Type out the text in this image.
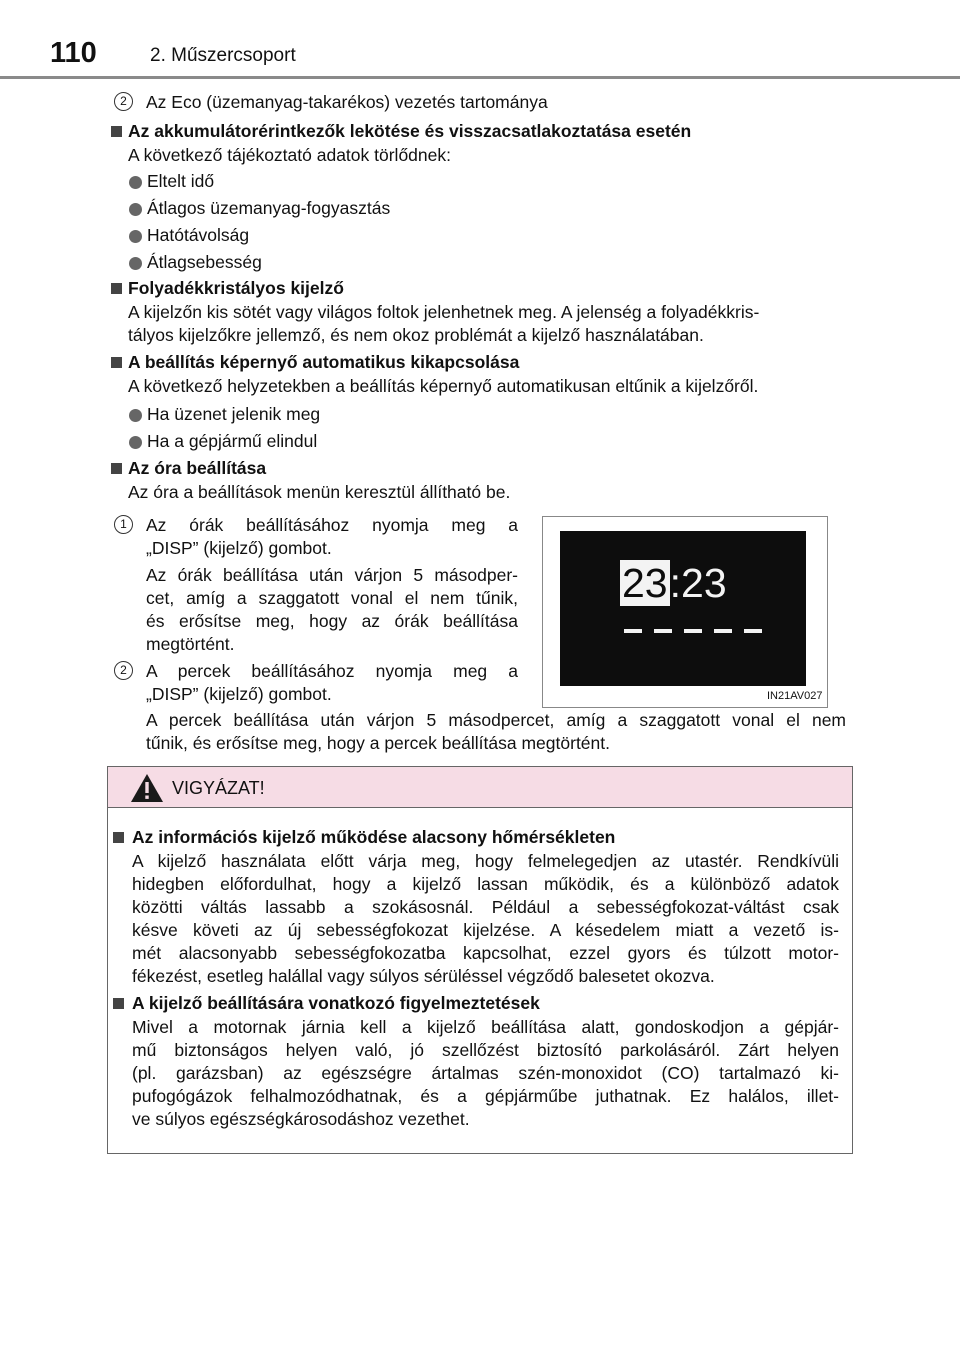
110	2. Műszercsoport
2	Az Eco (üzemanyag-takarékos) vezetés tartománya
Az akkumulátorérintkezők lekötése és visszacsatlakoztatása esetén
A következő tájékoztató adatok törlődnek:
Eltelt idő
Átlagos üzemanyag-fogyasztás
Hatótávolság
Átlagsebesség
Folyadékkristályos kijelző
A kijelzőn kis sötét vagy világos foltok jelenhetnek meg. A jelenség a folyadékkris-
tályos kijelzőkre jellemző, és nem okoz problémát a kijelző használatában.
A beállítás képernyő automatikus kikapcsolása
A következő helyzetekben a beállítás képernyő automatikusan eltűnik a kijelzőről.
Ha üzenet jelenik meg
Ha a gépjármű elindul
Az óra beállítása
Az óra a beállítások menün keresztül állítható be.
1	Az órák beállításához nyomja meg a
„DISP” (kijelző) gombot.
Az órák beállítása után várjon 5 másodper-
cet, amíg a szaggatott vonal el nem tűnik,
és erősítse meg, hogy az órák beállítása
megtörtént.
2	A percek beállításához nyomja meg a
„DISP” (kijelző) gombot.
A percek beállítása után várjon 5 másodpercet, amíg a szaggatott vonal el nem
tűnik, és erősítse meg, hogy a percek beállítása megtörtént.
23:23
IN21AV027
VIGYÁZAT!
Az információs kijelző működése alacsony hőmérsékleten
A kijelző használata előtt várja meg, hogy felmelegedjen az utastér. Rendkívüli
hidegben előfordulhat, hogy a kijelző lassan működik, és a különböző adatok
közötti váltás lassabb a szokásosnál. Például a sebességfokozat-váltást csak
késve követi az új sebességfokozat kijelzése. A késedelem miatt a vezető is-
mét alacsonyabb sebességfokozatba kapcsolhat, ezzel gyors és túlzott motor-
fékezést, esetleg halállal vagy súlyos sérüléssel végződő balesetet okozva.
A kijelző beállítására vonatkozó figyelmeztetések
Mivel a motornak járnia kell a kijelző beállítása alatt, gondoskodjon a gépjár-
mű biztonságos helyen való, jó szellőzést biztosító parkolásáról. Zárt helyen
(pl. garázsban) az egészségre ártalmas szén-monoxidot (CO) tartalmazó ki-
pufogógázok felhalmozódhatnak, és a gépjárműbe juthatnak. Ez halálos, illet-
ve súlyos egészségkárosodáshoz vezethet.
